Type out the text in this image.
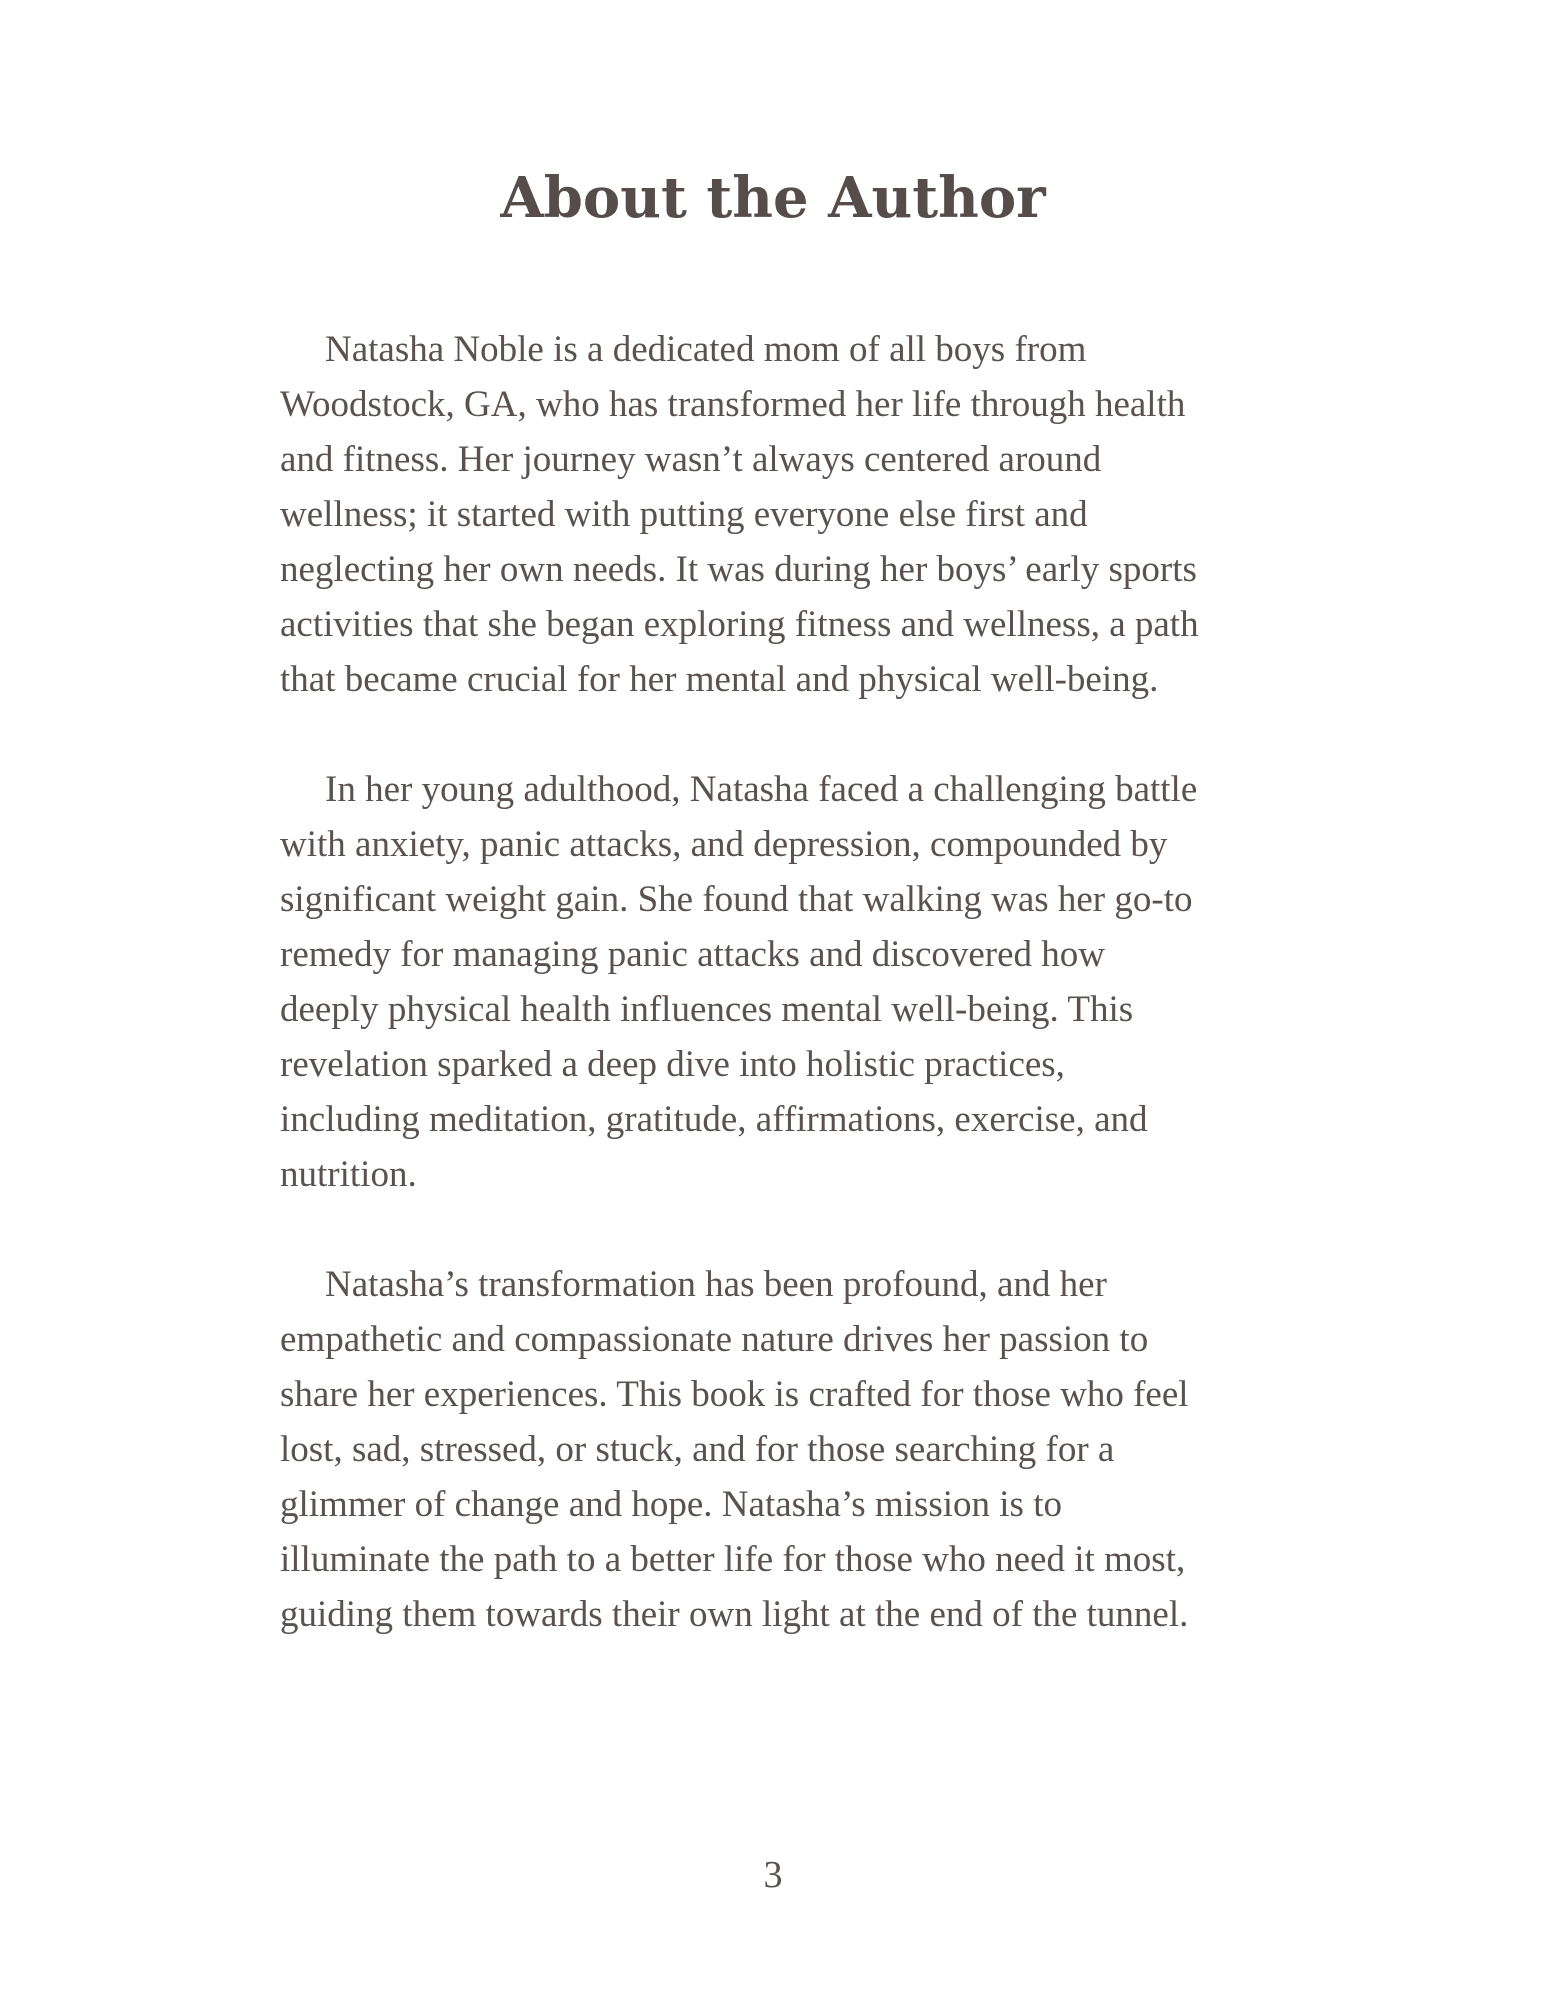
About the Author

Natasha Noble is a dedicated mom of all boys from
Woodstock, GA, who has transformed her life through health
and fitness. Her journey wasn’t always centered around
wellness; it started with putting everyone else first and
neglecting her own needs. It was during her boys’ early sports
activities that she began exploring fitness and wellness, a path
that became crucial for her mental and physical well-being.

In her young adulthood, Natasha faced a challenging battle
with anxiety, panic attacks, and depression, compounded by
significant weight gain. She found that walking was her go-to
remedy for managing panic attacks and discovered how
deeply physical health influences mental well-being. This
revelation sparked a deep dive into holistic practices,
including meditation, gratitude, affirmations, exercise, and
nutrition.

Natasha’s transformation has been profound, and her
empathetic and compassionate nature drives her passion to
share her experiences. This book is crafted for those who feel
lost, sad, stressed, or stuck, and for those searching for a
glimmer of change and hope. Natasha’s mission is to
illuminate the path to a better life for those who need it most,
guiding them towards their own light at the end of the tunnel.

3
